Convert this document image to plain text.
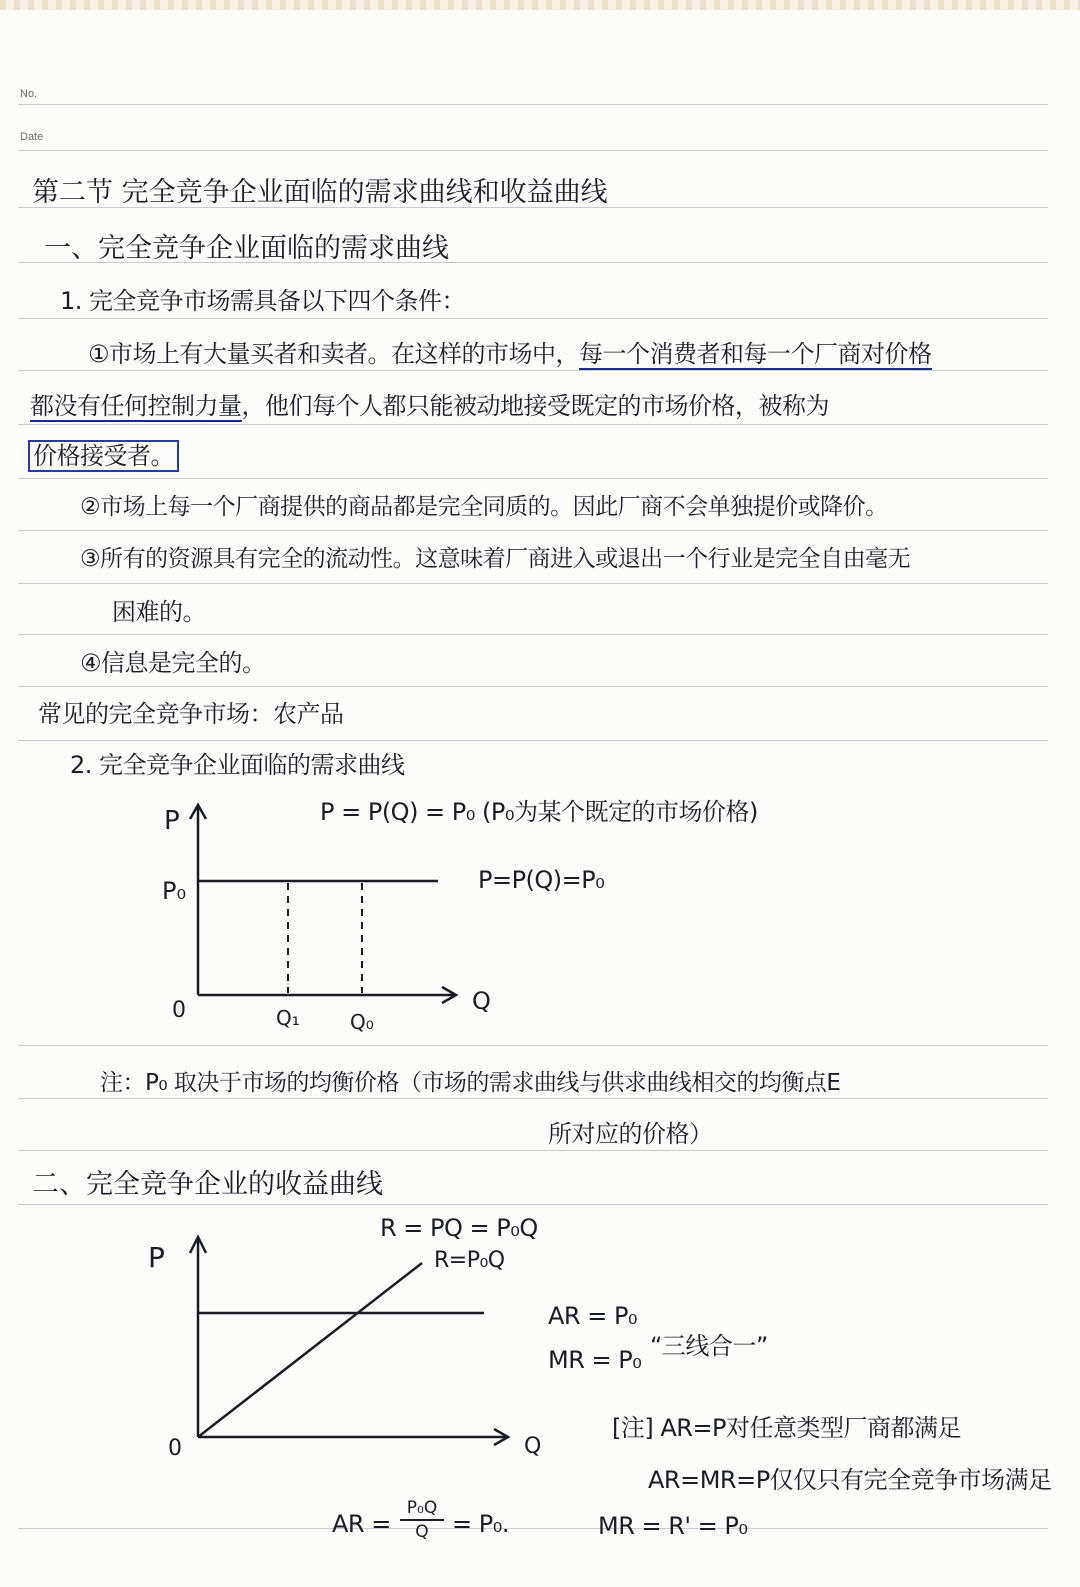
No.
Date
第二节 完全竞争企业面临的需求曲线和收益曲线
一、完全竞争企业面临的需求曲线
1. 完全竞争市场需具备以下四个条件：
①市场上有大量买者和卖者。在这样的市场中，每一个消费者和每一个厂商对价格
都没有任何控制力量，他们每个人都只能被动地接受既定的市场价格，被称为
价格接受者。
②市场上每一个厂商提供的商品都是完全同质的。因此厂商不会单独提价或降价。
③所有的资源具有完全的流动性。这意味着厂商进入或退出一个行业是完全自由毫无
困难的。
④信息是完全的。
常见的完全竞争市场：农产品
2. 完全竞争企业面临的需求曲线
P = P(Q) = P₀ (P₀为某个既定的市场价格)
P
P₀
0	Q₁	Q₀
Q
P=P(Q)=P₀
注：P₀ 取决于市场的均衡价格（市场的需求曲线与供求曲线相交的均衡点E
所对应的价格）
二、完全竞争企业的收益曲线
R = PQ = P₀Q
P
0	Q
R=P₀Q
AR = P₀
MR = P₀ “三线合一”
[注] AR=P对任意类型厂商都满足
AR=MR=P仅仅只有完全竞争市场满足
AR =
P₀Q
Q = P₀.	MR = R' = P₀
